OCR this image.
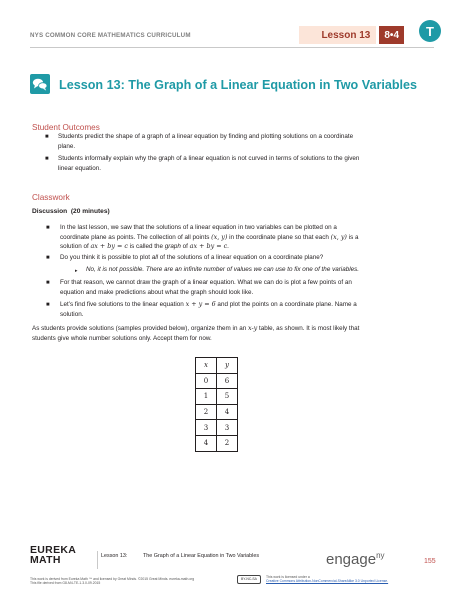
NYS COMMON CORE MATHEMATICS CURRICULUM	Lesson 13	8•4	T
Lesson 13: The Graph of a Linear Equation in Two Variables
Student Outcomes
■ Students predict the shape of a graph of a linear equation by finding and plotting solutions on a coordinate
plane.
■ Students informally explain why the graph of a linear equation is not curved in terms of solutions to the given
linear equation.
Classwork
Discussion (20 minutes)
■ In the last lesson, we saw that the solutions of a linear equation in two variables can be plotted on a
coordinate plane as points. The collection of all points (x, y) in the coordinate plane so that each (x, y) is a
solution of ax + by = c is called the graph of ax + by = c.
■ Do you think it is possible to plot all of the solutions of a linear equation on a coordinate plane?
▸ No, it is not possible. There are an infinite number of values we can use to fix one of the variables.
■ For that reason, we cannot draw the graph of a linear equation. What we can do is plot a few points of an
equation and make predictions about what the graph should look like.
■ Let’s find five solutions to the linear equation x + y = 6 and plot the points on a coordinate plane. Name a
solution.
As students provide solutions (samples provided below), organize them in an x-y table, as shown. It is most likely that
students give whole number solutions only. Accept them for now.
x	y
0	6
1	5
2	4
3	3
4	2
EUREKA
MATH	Lesson 13:	The Graph of a Linear Equation in Two Variables	engage$^{ny}$
155
This work is derived from Eureka Math ™ and licensed by Great Minds. ©2015 Great Minds. eureka-math.org
This file derived from G8-M4-TE-1.3.0-09.2015
BY-NC-SA	This work is licensed under a
Creative Commons Attribution-NonCommercial-ShareAlike 3.0 Unported License.
